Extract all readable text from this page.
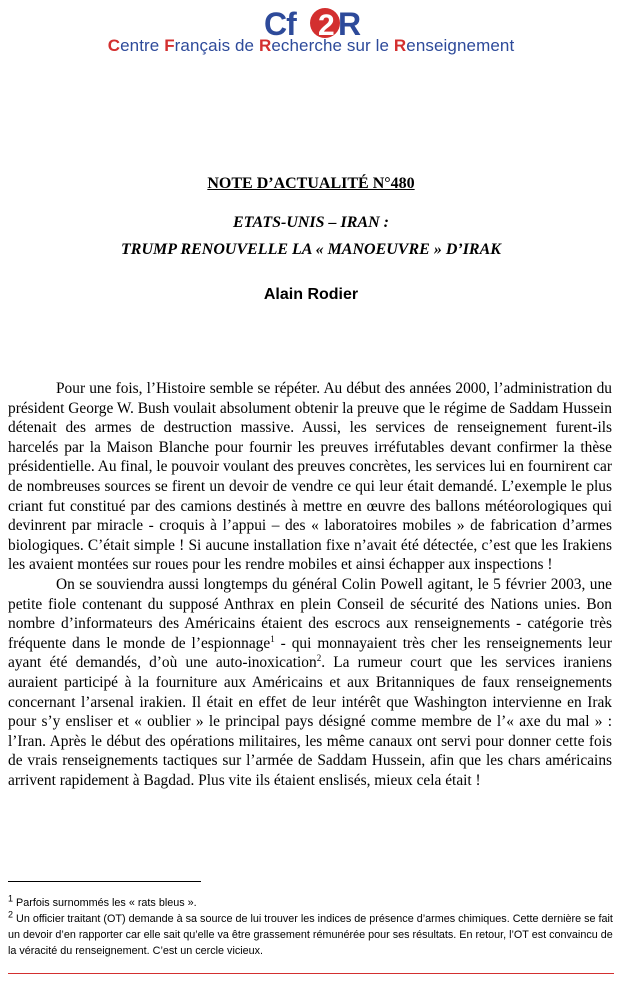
Cf 2 R
Centre Français de Recherche sur le Renseignement
NOTE D’ACTUALITÉ N°480
ETATS-UNIS – IRAN :
TRUMP RENOUVELLE LA « MANOEUVRE » D’IRAK
Alain Rodier

Pour une fois, l’Histoire semble se répéter. Au début des années 2000, l’administration du président George W. Bush voulait absolument obtenir la preuve que le régime de Saddam Hussein détenait des armes de destruction massive. Aussi, les services de renseignement furent-ils harcelés par la Maison Blanche pour fournir les preuves irréfutables devant confirmer la thèse présidentielle. Au final, le pouvoir voulant des preuves concrètes, les services lui en fournirent car de nombreuses sources se firent un devoir de vendre ce qui leur était demandé. L’exemple le plus criant fut constitué par des camions destinés à mettre en œuvre des ballons météorologiques qui devinrent par miracle - croquis à l’appui – des « laboratoires mobiles » de fabrication d’armes biologiques. C’était simple ! Si aucune installation fixe n’avait été détectée, c’est que les Irakiens les avaient montées sur roues pour les rendre mobiles et ainsi échapper aux inspections !

On se souviendra aussi longtemps du général Colin Powell agitant, le 5 février 2003, une petite fiole contenant du supposé Anthrax en plein Conseil de sécurité des Nations unies. Bon nombre d’informateurs des Américains étaient des escrocs aux renseignements - catégorie très fréquente dans le monde de l’espionnage$^1$ - qui monnayaient très cher les renseignements leur ayant été demandés, d’où une auto-inoxication$^2$. La rumeur court que les services iraniens auraient participé à la fourniture aux Américains et aux Britanniques de faux renseignements concernant l’arsenal irakien. Il était en effet de leur intérêt que Washington intervienne en Irak pour s’y ensliser et « oublier » le principal pays désigné comme membre de l’« axe du mal » : l’Iran. Après le début des opérations militaires, les même canaux ont servi pour donner cette fois de vrais renseignements tactiques sur l’armée de Saddam Hussein, afin que les chars américains arrivent rapidement à Bagdad. Plus vite ils étaient enslisés, mieux cela était !

$^1$ Parfois surnommés les « rats bleus ».

$^2$ Un officier traitant (OT) demande à sa source de lui trouver les indices de présence d’armes chimiques. Cette dernière se fait un devoir d’en rapporter car elle sait qu’elle va être grassement rémunérée pour ses résultats. En retour, l’OT est convaincu de la véracité du renseignement. C’est un cercle vicieux.
